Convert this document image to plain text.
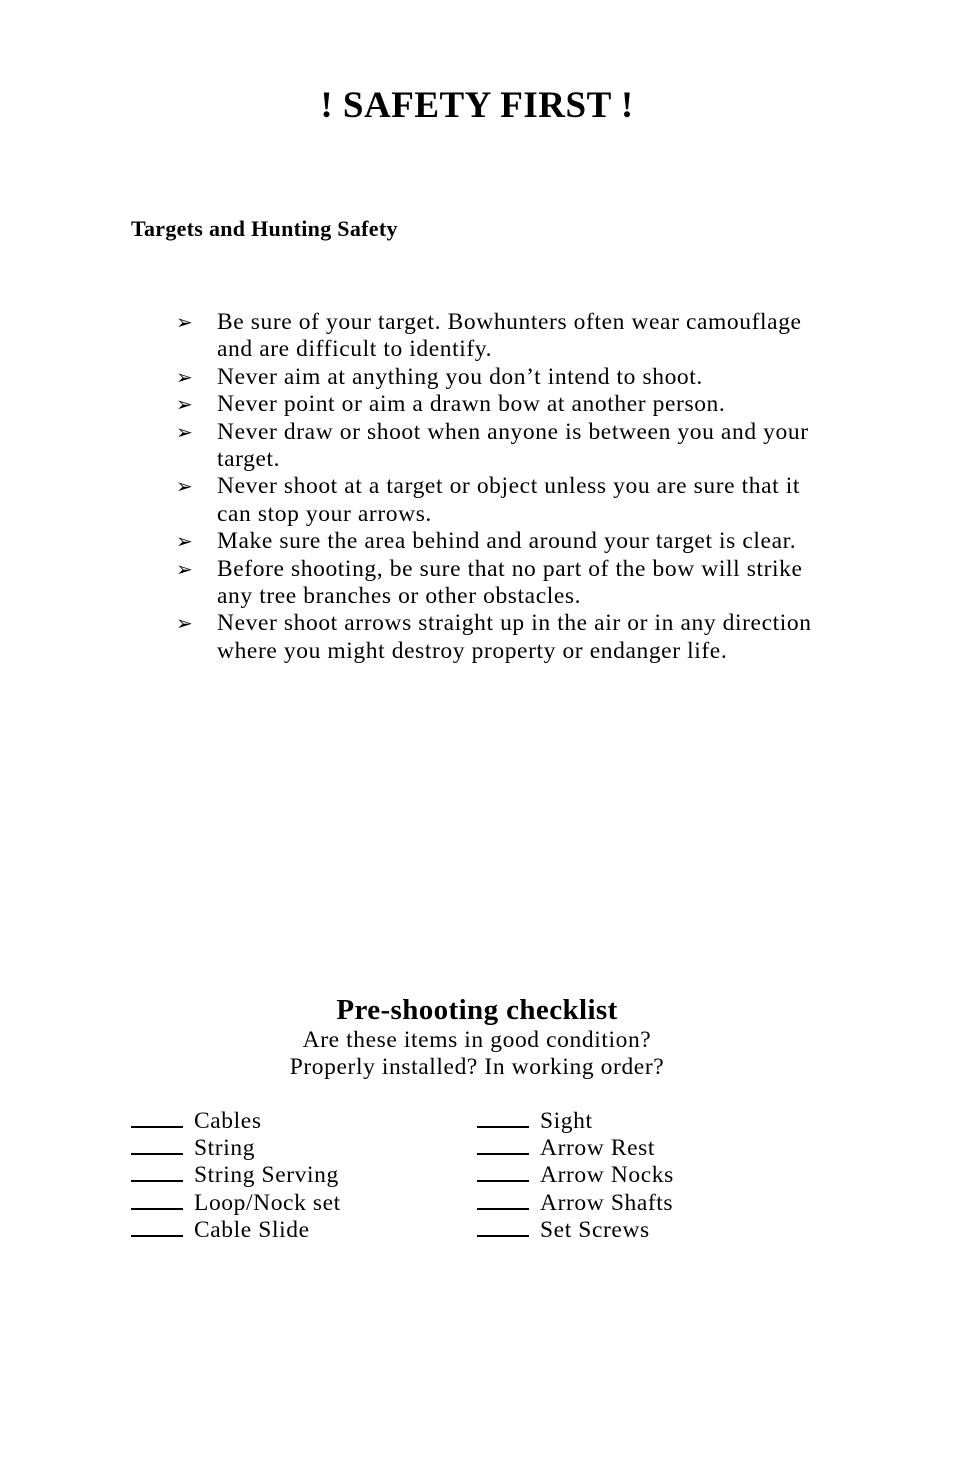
! SAFETY FIRST !
Targets and Hunting Safety
➢	Be sure of your target. Bowhunters often wear camouflage and are difficult to identify.
➢	Never aim at anything you don’t intend to shoot.
➢	Never point or aim a drawn bow at another person.
➢	Never draw or shoot when anyone is between you and your target.
➢	Never shoot at a target or object unless you are sure that it can stop your arrows.
➢	Make sure the area behind and around your target is clear.
➢	Before shooting, be sure that no part of the bow will strike any tree branches or other obstacles.
➢	Never shoot arrows straight up in the air or in any direction where you might destroy property or endanger life.
Pre-shooting checklist

Are these items in good condition?

Properly installed? In working order?

Cables
String
String Serving
Loop/Nock set
Cable Slide
Sight
Arrow Rest
Arrow Nocks
Arrow Shafts
Set Screws
